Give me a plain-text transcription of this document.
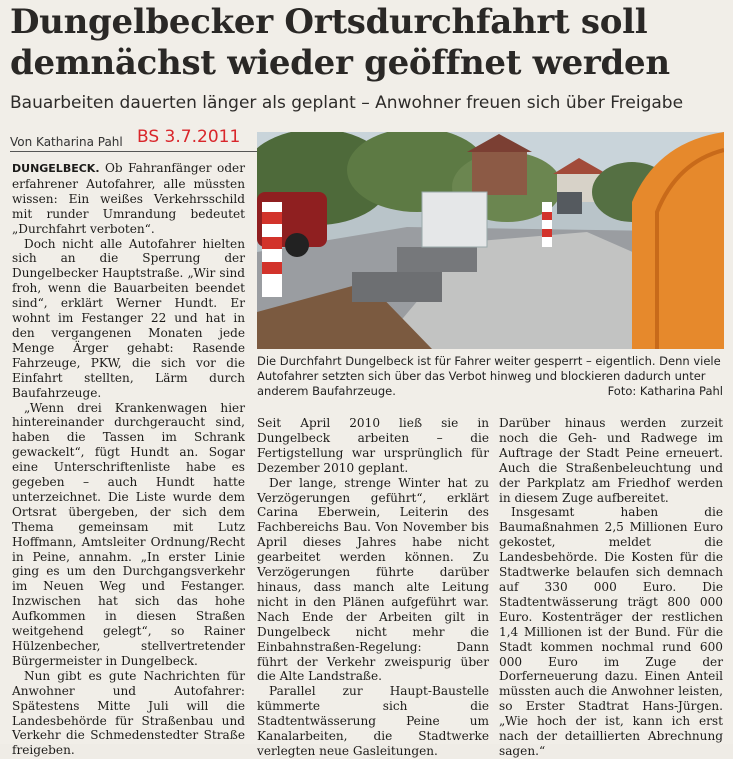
Dungelbecker Ortsdurchfahrt soll
demnächst wieder geöffnet werden
Bauarbeiten dauerten länger als geplant – Anwohner freuen sich über Freigabe
Von Katharina Pahl BS 3.7.2011

DUNGELBECK. Ob Fahranfänger oder erfahrener Autofahrer, alle müssten wissen: Ein weißes Verkehrsschild mit runder Umrandung bedeutet „Durchfahrt verboten“.

Doch nicht alle Autofahrer hielten sich an die Sperrung der Dungelbecker Hauptstraße. „Wir sind froh, wenn die Bauarbeiten beendet sind“, erklärt Werner Hundt. Er wohnt im Festanger 22 und hat in den vergangenen Monaten jede Menge Ärger gehabt: Rasende Fahrzeuge, PKW, die sich vor die Einfahrt stellten, Lärm durch Baufahrzeuge.

„Wenn drei Krankenwagen hier hintereinander durchgeraucht sind, haben die Tassen im Schrank gewackelt“, fügt Hundt an. Sogar eine Unterschriftenliste habe es gegeben – auch Hundt hatte unterzeichnet. Die Liste wurde dem Ortsrat übergeben, der sich dem Thema gemeinsam mit Lutz Hoffmann, Amtsleiter Ordnung/Recht in Peine, annahm. „In erster Linie ging es um den Durchgangsverkehr im Neuen Weg und Festanger. Inzwischen hat sich das hohe Aufkommen in diesen Straßen weitgehend gelegt“, so Rainer Hülzenbecher, stellvertretender Bürgermeister in Dungelbeck.

Nun gibt es gute Nachrichten für Anwohner und Autofahrer: Spätestens Mitte Juli will die Landesbehörde für Straßenbau und Verkehr die Schmedenstedter Straße freigeben.

Die Durchfahrt Dungelbeck ist für Fahrer weiter gesperrt – eigentlich. Denn viele Autofahrer setzten sich über das Verbot hinweg und blockieren dadurch unter anderem Baufahrzeuge.	Foto: Katharina Pahl

Seit April 2010 ließ sie in Dungelbeck arbeiten – die Fertigstellung war ursprünglich für Dezember 2010 geplant.

Der lange, strenge Winter hat zu Verzögerungen geführt“, erklärt Carina Eberwein, Leiterin des Fachbereichs Bau. Von November bis April dieses Jahres habe nicht gearbeitet werden können. Zu Verzögerungen führte darüber hinaus, dass manch alte Leitung nicht in den Plänen aufgeführt war. Nach Ende der Arbeiten gilt in Dungelbeck nicht mehr die Einbahnstraßen-Regelung: Dann führt der Verkehr zweispurig über die Alte Landstraße.

Parallel zur Haupt-Baustelle kümmerte sich die Stadtentwässerung Peine um Kanalarbeiten, die Stadtwerke verlegten neue Gasleitungen.

Darüber hinaus werden zurzeit noch die Geh- und Radwege im Auftrage der Stadt Peine erneuert. Auch die Straßenbeleuchtung und der Parkplatz am Friedhof werden in diesem Zuge aufbereitet.

Insgesamt haben die Baumaßnahmen 2,5 Millionen Euro gekostet, meldet die Landesbehörde. Die Kosten für die Stadtwerke belaufen sich demnach auf 330 000 Euro. Die Stadtentwässerung trägt 800 000 Euro. Kostenträger der restlichen 1,4 Millionen ist der Bund. Für die Stadt kommen nochmal rund 600 000 Euro im Zuge der Dorferneuerung dazu. Einen Anteil müssten auch die Anwohner leisten, so Erster Stadtrat Hans-Jürgen. „Wie hoch der ist, kann ich erst nach der detaillierten Abrechnung sagen.“
